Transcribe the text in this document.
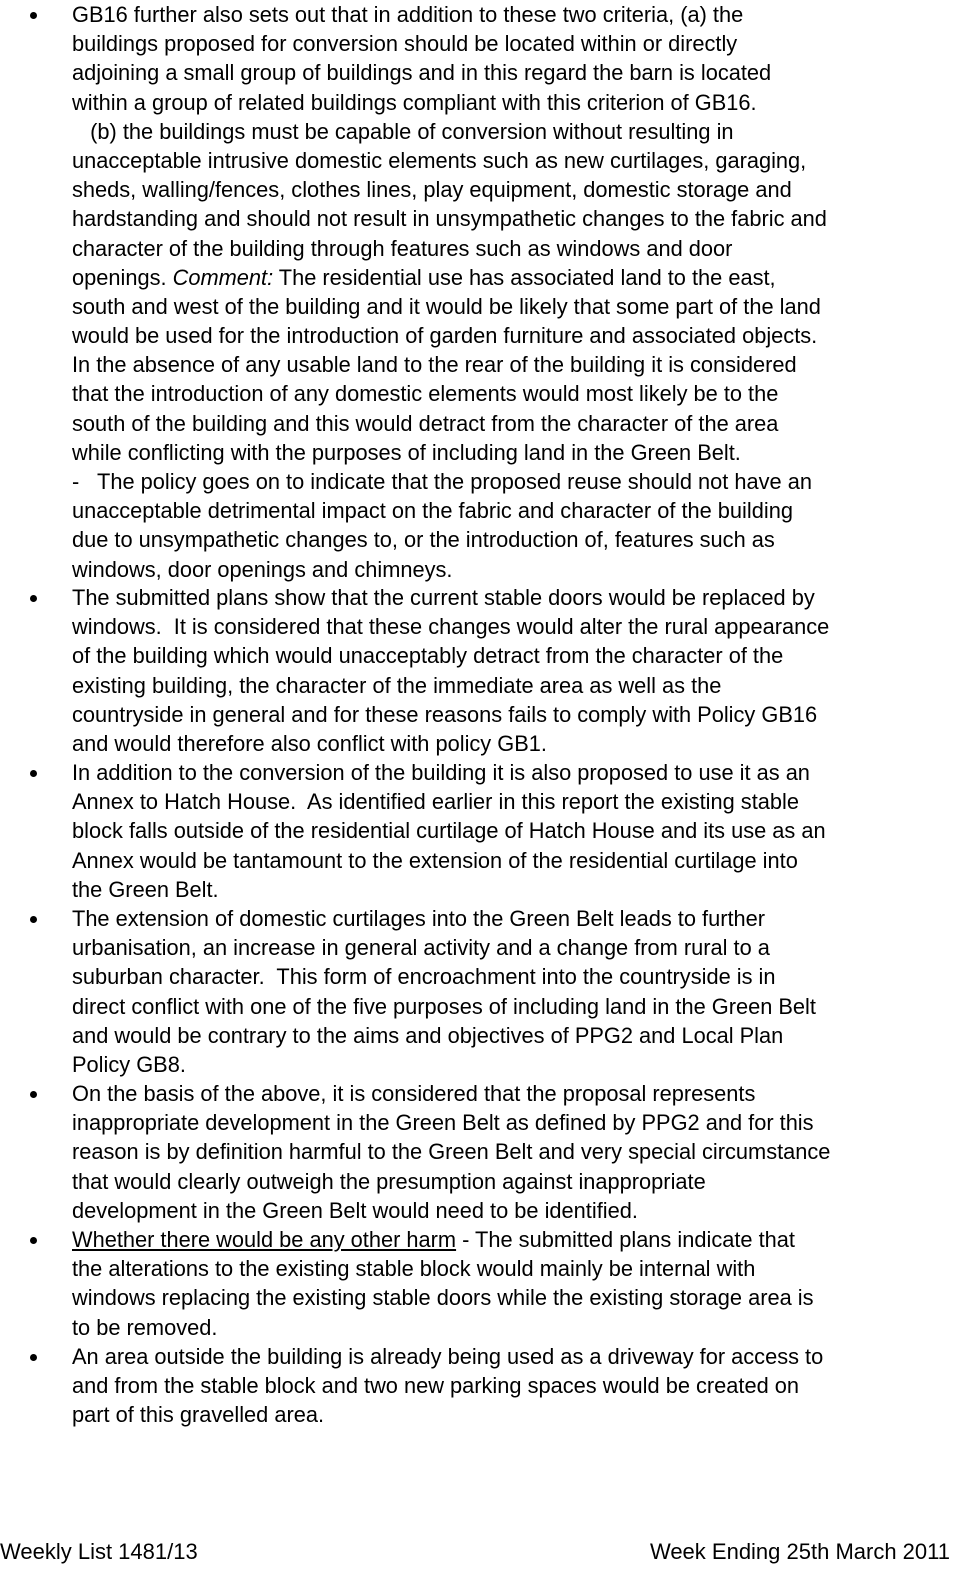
GB16 further also sets out that in addition to these two criteria, (a) the
buildings proposed for conversion should be located within or directly
adjoining a small group of buildings and in this regard the barn is located
within a group of related buildings compliant with this criterion of GB16.
(b) the buildings must be capable of conversion without resulting in
unacceptable intrusive domestic elements such as new curtilages, garaging,
sheds, walling/fences, clothes lines, play equipment, domestic storage and
hardstanding and should not result in unsympathetic changes to the fabric and
character of the building through features such as windows and door
openings. Comment: The residential use has associated land to the east,
south and west of the building and it would be likely that some part of the land
would be used for the introduction of garden furniture and associated objects.
In the absence of any usable land to the rear of the building it is considered
that the introduction of any domestic elements would most likely be to the
south of the building and this would detract from the character of the area
while conflicting with the purposes of including land in the Green Belt.
-   The policy goes on to indicate that the proposed reuse should not have an
unacceptable detrimental impact on the fabric and character of the building
due to unsympathetic changes to, or the introduction of, features such as
windows, door openings and chimneys.
The submitted plans show that the current stable doors would be replaced by
windows.  It is considered that these changes would alter the rural appearance
of the building which would unacceptably detract from the character of the
existing building, the character of the immediate area as well as the
countryside in general and for these reasons fails to comply with Policy GB16
and would therefore also conflict with policy GB1.
In addition to the conversion of the building it is also proposed to use it as an
Annex to Hatch House.  As identified earlier in this report the existing stable
block falls outside of the residential curtilage of Hatch House and its use as an
Annex would be tantamount to the extension of the residential curtilage into
the Green Belt.
The extension of domestic curtilages into the Green Belt leads to further
urbanisation, an increase in general activity and a change from rural to a
suburban character.  This form of encroachment into the countryside is in
direct conflict with one of the five purposes of including land in the Green Belt
and would be contrary to the aims and objectives of PPG2 and Local Plan
Policy GB8.
On the basis of the above, it is considered that the proposal represents
inappropriate development in the Green Belt as defined by PPG2 and for this
reason is by definition harmful to the Green Belt and very special circumstance
that would clearly outweigh the presumption against inappropriate
development in the Green Belt would need to be identified.
Whether there would be any other harm - The submitted plans indicate that
the alterations to the existing stable block would mainly be internal with
windows replacing the existing stable doors while the existing storage area is
to be removed.
An area outside the building is already being used as a driveway for access to
and from the stable block and two new parking spaces would be created on
part of this gravelled area.
Weekly List 1481/13	Week Ending 25th March 2011
